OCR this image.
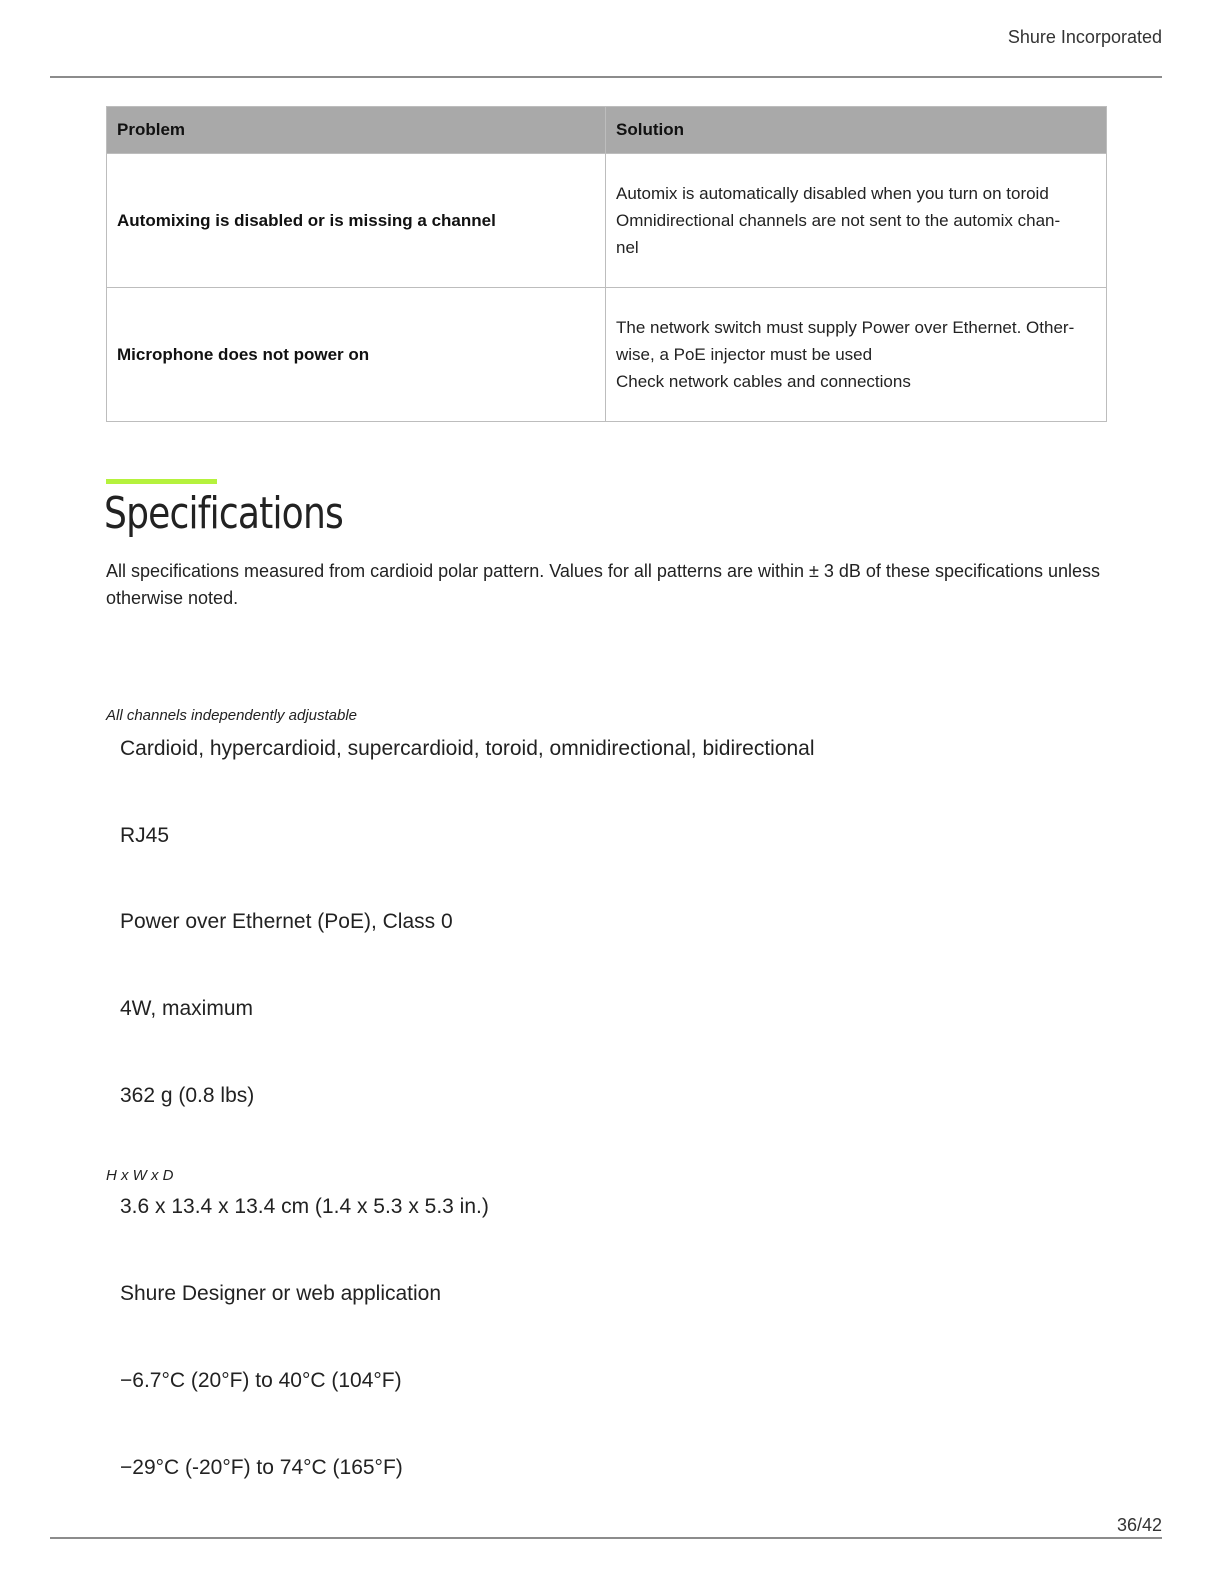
Shure Incorporated
Problem	Solution
Automixing is disabled or is missing a channel	Automix is automatically disabled when you turn on toroid
Omnidirectional channels are not sent to the automix chan-
nel

Microphone does not power on	The network switch must supply Power over Ethernet. Other-
wise, a PoE injector must be used
Check network cables and connections
Specifications

All specifications measured from cardioid polar pattern. Values for all patterns are within ± 3 dB of these specifications unless otherwise noted.

All channels independently adjustable
Cardioid, hypercardioid, supercardioid, toroid, omnidirectional, bidirectional
RJ45
Power over Ethernet (PoE), Class 0
4W, maximum
362 g (0.8 lbs)
H x W x D
3.6 x 13.4 x 13.4 cm (1.4 x 5.3 x 5.3 in.)
Shure Designer or web application
−6.7°C (20°F) to 40°C (104°F)
−29°C (-20°F) to 74°C (165°F)
36/42
